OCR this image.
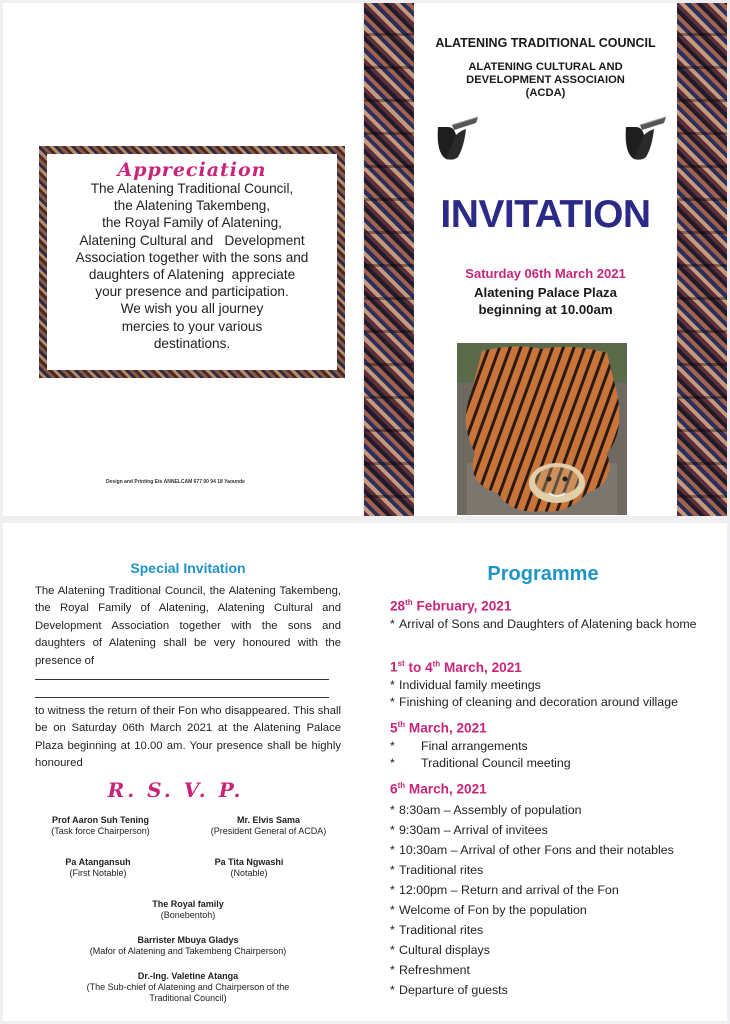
Appreciation
The Alatening Traditional Council,
the Alatening Takembeng,
the Royal Family of Alatening,
Alatening Cultural and   Development
Association together with the sons and
daughters of Alatening  appreciate
your presence and participation.
We wish you all journey
mercies to your various
destinations.
Design and Printing Ets ANNELCAM 677 00 94 18 Yaounde
ALATENING TRADITIONAL COUNCIL
ALATENING CULTURAL AND
DEVELOPMENT ASSOCIAION
(ACDA)
INVITATION
Saturday 06th March 2021
Alatening Palace Plaza
beginning at 10.00am
Special Invitation
The Alatening Traditional Council, the Alatening Takembeng, the Royal Family of Alatening, Alatening Cultural and Development Association together with the sons and daughters of Alatening shall be very honoured with the presence of
to witness the return of their Fon who disappeared. This shall be on Saturday 06th March 2021 at the Alatening Palace Plaza beginning at 10.00 am. Your presence shall be highly honoured
R. S. V. P.
Prof Aaron Suh Tening
(Task force Chairperson)
Mr. Elvis Sama
(President General of ACDA)
Pa Atangansuh
(First Notable)
Pa Tita Ngwashi
(Notable)
The Royal family
(Bonebentoh)
Barrister Mbuya Gladys
(Mafor of Alatening and Takembeng Chairperson)
Dr.-Ing. Valetine Atanga
(The Sub-chief of Alatening and Chairperson of the Traditional Council)
Programme
28th February, 2021
* Arrival of Sons and Daughters of Alatening back home
1st to 4th March, 2021
* Individual family meetings
* Finishing of cleaning and decoration around village
5th March, 2021
* Final arrangements
* Traditional Council meeting
6th March, 2021
* 8:30am – Assembly of population
* 9:30am – Arrival of invitees
* 10:30am – Arrival of other Fons and their notables
* Traditional rites
* 12:00pm – Return and arrival of the Fon
* Welcome of Fon by the population
* Traditional rites
* Cultural displays
* Refreshment
* Departure of guests
